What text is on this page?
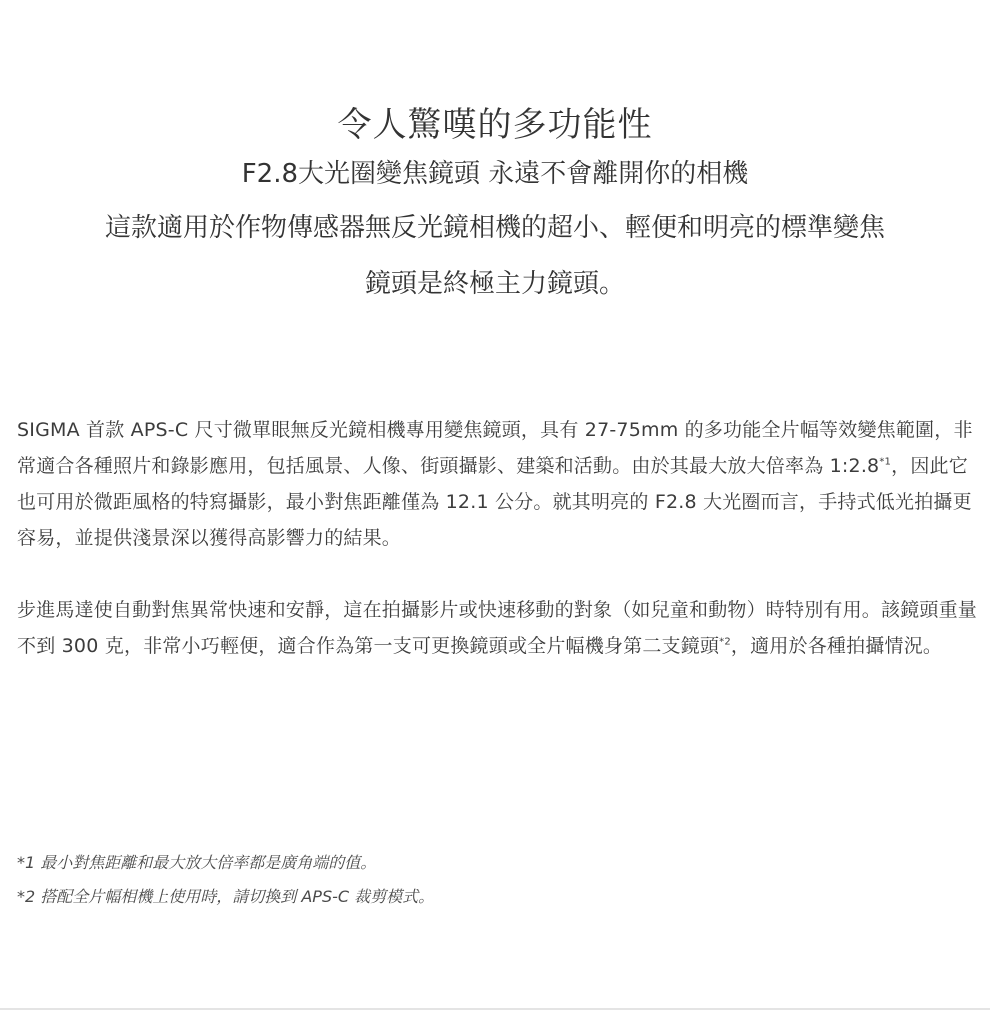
令人驚嘆的多功能性
F2.8大光圈變焦鏡頭 永遠不會離開你的相機
這款適用於作物傳感器無反光鏡相機的超小、輕便和明亮的標準變焦
鏡頭是終極主力鏡頭。

SIGMA 首款 APS-C 尺寸微單眼無反光鏡相機專用變焦鏡頭，具有 27-75mm 的多功能全片幅等效變焦範圍，非常適合各種照片和錄影應用，包括風景、人像、街頭攝影、建築和活動。由於其最大放大倍率為 1:2.8$^{*1}$，因此它也可用於微距風格的特寫攝影，最小對焦距離僅為 12.1 公分。就其明亮的 F2.8 大光圈而言，手持式低光拍攝更容易，並提供淺景深以獲得高影響力的結果。

步進馬達使自動對焦異常快速和安靜，這在拍攝影片或快速移動的對象（如兒童和動物）時特別有用。該鏡頭重量不到 300 克，非常小巧輕便，適合作為第一支可更換鏡頭或全片幅機身第二支鏡頭$^{*2}$，適用於各種拍攝情況。

*1 最小對焦距離和最大放大倍率都是廣角端的值。

*2 搭配全片幅相機上使用時，請切換到 APS-C 裁剪模式。
